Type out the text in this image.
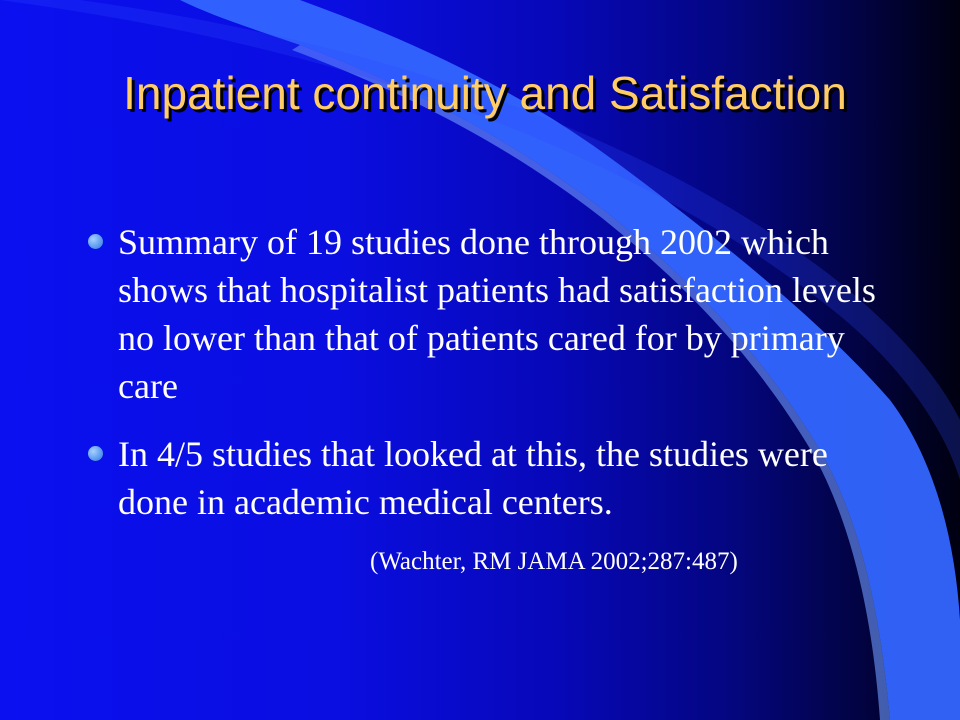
Inpatient continuity and Satisfaction
Summary of 19 studies done through 2002 which shows that hospitalist patients had satisfaction levels no lower than that of patients cared for by primary care
In 4/5 studies that looked at this, the studies were done in academic medical centers.
(Wachter, RM JAMA 2002;287:487)
